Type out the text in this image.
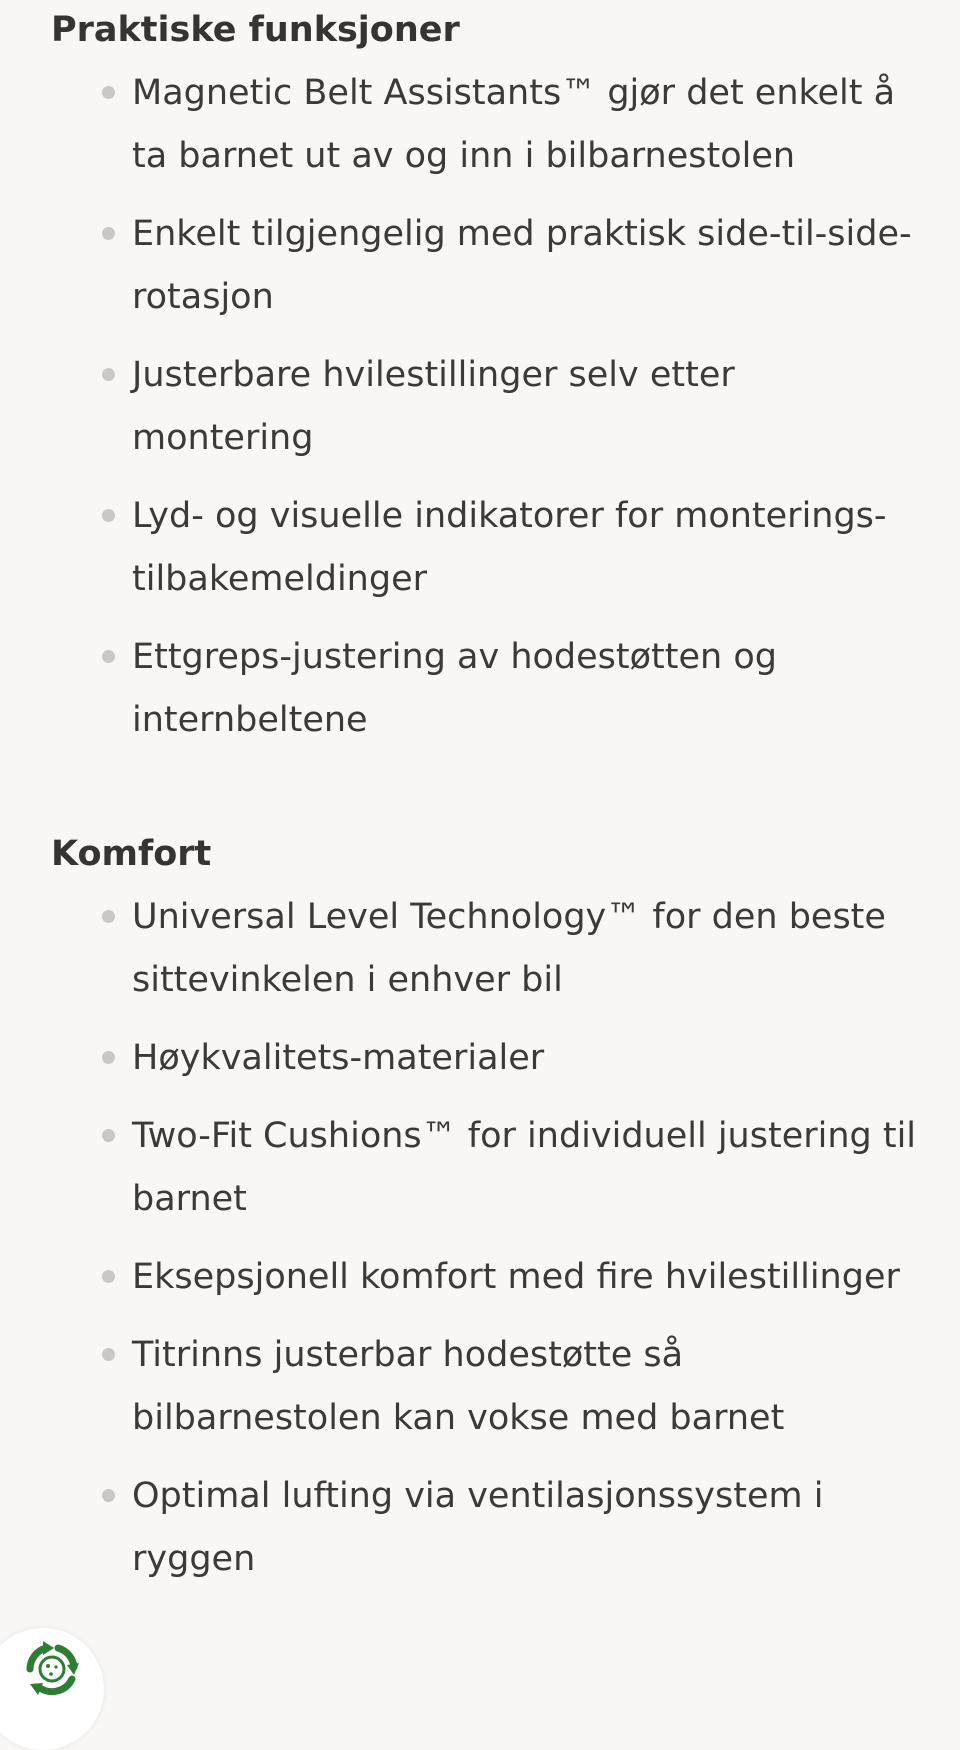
Praktiske funksjoner
Magnetic Belt Assistants™ gjør det enkelt å ta barnet ut av og inn i bilbarnestolen
Enkelt tilgjengelig med praktisk side-til-side-rotasjon
Justerbare hvilestillinger selv etter montering
Lyd- og visuelle indikatorer for monterings-tilbakemeldinger
Ettgreps-justering av hodestøtten og internbeltene
Komfort
Universal Level Technology™ for den beste sittevinkelen i enhver bil
Høykvalitets-materialer
Two-Fit Cushions™ for individuell justering til barnet
Eksepsjonell komfort med fire hvilestillinger
Titrinns justerbar hodestøtte så bilbarnestolen kan vokse med barnet
Optimal lufting via ventilasjonssystem i ryggen
